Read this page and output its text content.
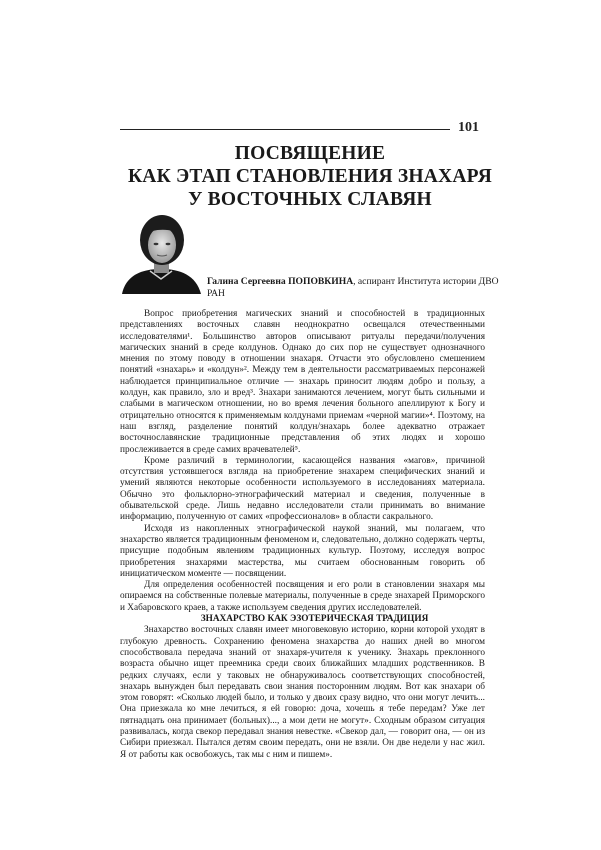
101
ПОСВЯЩЕНИЕ
КАК ЭТАП СТАНОВЛЕНИЯ ЗНАХАРЯ
У ВОСТОЧНЫХ СЛАВЯН
Галина Сергеевна ПОПОВКИНА, аспирант Института истории ДВО РАН

Вопрос приобретения магических знаний и способностей в традиционных представлениях восточных славян неоднократно освещался отечественными исследователями¹. Большинство авторов описывают ритуалы передачи/получения магических знаний в среде колдунов. Однако до сих пор не существует однозначного мнения по этому поводу в отношении знахаря. Отчасти это обусловлено смешением понятий «знахарь» и «колдун»². Между тем в деятельности рассматриваемых персонажей наблюдается принципиальное отличие — знахарь приносит людям добро и пользу, а колдун, как правило, зло и вред³. Знахари занимаются лечением, могут быть сильными и слабыми в магическом отношении, но во время лечения больного апеллируют к Богу и отрицательно относятся к применяемым колдунами приемам «черной магии»⁴. Поэтому, на наш взгляд, разделение понятий колдун/знахарь более адекватно отражает восточнославянские традиционные представления об этих людях и хорошо прослеживается в среде самих врачевателей⁵.

Кроме различий в терминологии, касающейся названия «магов», причиной отсутствия устоявшегося взгляда на приобретение знахарем специфических знаний и умений являются некоторые особенности используемого в исследованиях материала. Обычно это фольклорно-этнографический материал и сведения, полученные в обывательской среде. Лишь недавно исследователи стали принимать во внимание информацию, полученную от самих «профессионалов» в области сакрального.

Исходя из накопленных этнографической наукой знаний, мы полагаем, что знахарство является традиционным феноменом и, следовательно, должно содержать черты, присущие подобным явлениям традиционных культур. Поэтому, исследуя вопрос приобретения знахарями мастерства, мы считаем обоснованным говорить об инициатическом моменте — посвящении.

Для определения особенностей посвящения и его роли в становлении знахаря мы опираемся на собственные полевые материалы, полученные в среде знахарей Приморского и Хабаровского краев, а также используем сведения других исследователей.

ЗНАХАРСТВО КАК ЭЗОТЕРИЧЕСКАЯ ТРАДИЦИЯ

Знахарство восточных славян имеет многовековую историю, корни которой уходят в глубокую древность. Сохранению феномена знахарства до наших дней во многом способствовала передача знаний от знахаря-учителя к ученику. Знахарь преклонного возраста обычно ищет преемника среди своих ближайших младших родственников. В редких случаях, если у таковых не обнаруживалось соответствующих способностей, знахарь вынужден был передавать свои знания посторонним людям. Вот как знахари об этом говорят: «Сколько людей было, и только у двоих сразу видно, что они могут лечить... Она приезжала ко мне лечиться, я ей говорю: доча, хочешь я тебе передам? Уже лет пятнадцать она принимает (больных)..., а мои дети не могут». Сходным образом ситуация развивалась, когда свекор передавал знания невестке. «Свекор дал, — говорит она, — он из Сибири приезжал. Пытался детям своим передать, они не взяли. Он две недели у нас жил. Я от работы как освобожусь, так мы с ним и пишем».
